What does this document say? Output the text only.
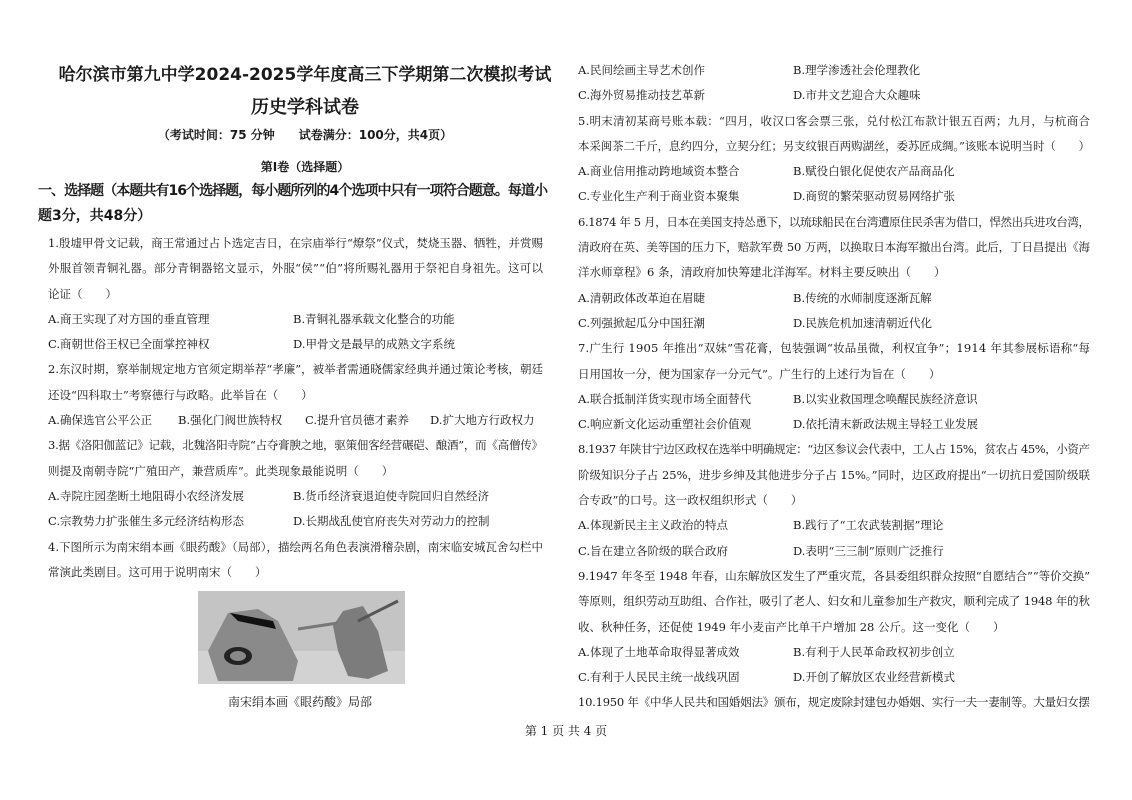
哈尔滨市第九中学2024-2025学年度高三下学期第二次模拟考试
历史学科试卷
（考试时间：75 分钟　　试卷满分：100分，共4页）
第Ⅰ卷（选择题）
一、选择题（本题共有16个选择题，每小题所列的4个选项中只有一项符合题意。每道小
题3分，共48分）
1.殷墟甲骨文记载，商王常通过占卜选定吉日，在宗庙举行“燎祭”仪式，焚烧玉器、牺牲，并赏赐
外服首领青铜礼器。部分青铜器铭文显示，外服“侯”“伯”将所赐礼器用于祭祀自身祖先。这可以
论证（　　）
A.商王实现了对方国的垂直管理	B.青铜礼器承载文化整合的功能
C.商朝世俗王权已全面掌控神权	D.甲骨文是最早的成熟文字系统
2.东汉时期，察举制规定地方官须定期举荐“孝廉”，被举者需通晓儒家经典并通过策论考核，朝廷
还设“四科取士”考察德行与政略。此举旨在（　　）
A.确保选官公平公正 B.强化门阀世族特权 C.提升官员德才素养 D.扩大地方行政权力
3.据《洛阳伽蓝记》记载，北魏洛阳寺院“占夺膏腴之地，驱策佃客经营碾硙、酿酒”，而《高僧传》
则提及南朝寺院“广殖田产，兼营质库”。此类现象最能说明（　　）
A.寺院庄园垄断土地阻碍小农经济发展	B.货币经济衰退迫使寺院回归自然经济
C.宗教势力扩张催生多元经济结构形态	D.长期战乱使官府丧失对劳动力的控制
4.下图所示为南宋绢本画《眼药酸》（局部），描绘两名角色表演滑稽杂剧，南宋临安城瓦舍勾栏中
常演此类剧目。这可用于说明南宋（　　）
南宋绢本画《眼药酸》局部
A.民间绘画主导艺术创作	B.理学渗透社会伦理教化
C.海外贸易推动技艺革新	D.市井文艺迎合大众趣味
5.明末清初某商号账本载：“四月，收汉口客会票三张，兑付松江布款计银五百两；九月，与杭商合
本采闽茶二千斤，息约四分，立契分红；另支纹银百两购湖丝，委苏匠成绸。”该账本说明当时（　　）
A.商业信用推动跨地域资本整合	B.赋役白银化促使农产品商品化
C.专业化生产利于商业资本聚集	D.商贸的繁荣驱动贸易网络扩张
6.1874 年 5 月，日本在美国支持怂恿下，以琉球船民在台湾遭原住民杀害为借口，悍然出兵进攻台湾，
清政府在英、美等国的压力下，赔款军费 50 万两，以换取日本海军撤出台湾。此后，丁日昌提出《海
洋水师章程》6 条，清政府加快筹建北洋海军。材料主要反映出（　　）
A.清朝政体改革迫在眉睫	B.传统的水师制度逐渐瓦解
C.列强掀起瓜分中国狂潮	D.民族危机加速清朝近代化
7.广生行 1905 年推出“双妹”雪花膏，包装强调“妆品虽微，利权宜争”；1914 年其参展标语称“每
日用国妆一分，便为国家存一分元气”。广生行的上述行为旨在（　　）
A.联合抵制洋货实现市场全面替代	B.以实业救国理念唤醒民族经济意识
C.响应新文化运动重塑社会价值观	D.依托清末新政法规主导轻工业发展
8.1937 年陕甘宁边区政权在选举中明确规定：“边区参议会代表中，工人占 15%，贫农占 45%，小资产
阶级知识分子占 25%，进步乡绅及其他进步分子占 15%。”同时，边区政府提出“一切抗日爱国阶级联
合专政”的口号。这一政权组织形式（　　）
A.体现新民主主义政治的特点	B.践行了“工农武装割据”理论
C.旨在建立各阶级的联合政府	D.表明“三三制”原则广泛推行
9.1947 年冬至 1948 年春，山东解放区发生了严重灾荒，各县委组织群众按照“自愿结合”“等价交换”
等原则，组织劳动互助组、合作社，吸引了老人、妇女和儿童参加生产救灾，顺利完成了 1948 年的秋
收、秋种任务，还促使 1949 年小麦亩产比单干户增加 28 公斤。这一变化（　　）
A.体现了土地革命取得显著成效	B.有利于人民革命政权初步创立
C.有利于人民民主统一战线巩固	D.开创了解放区农业经营新模式
10.1950 年《中华人民共和国婚姻法》颁布，规定废除封建包办婚姻、实行一夫一妻制等。大量妇女摆
第 1 页 共 4 页
